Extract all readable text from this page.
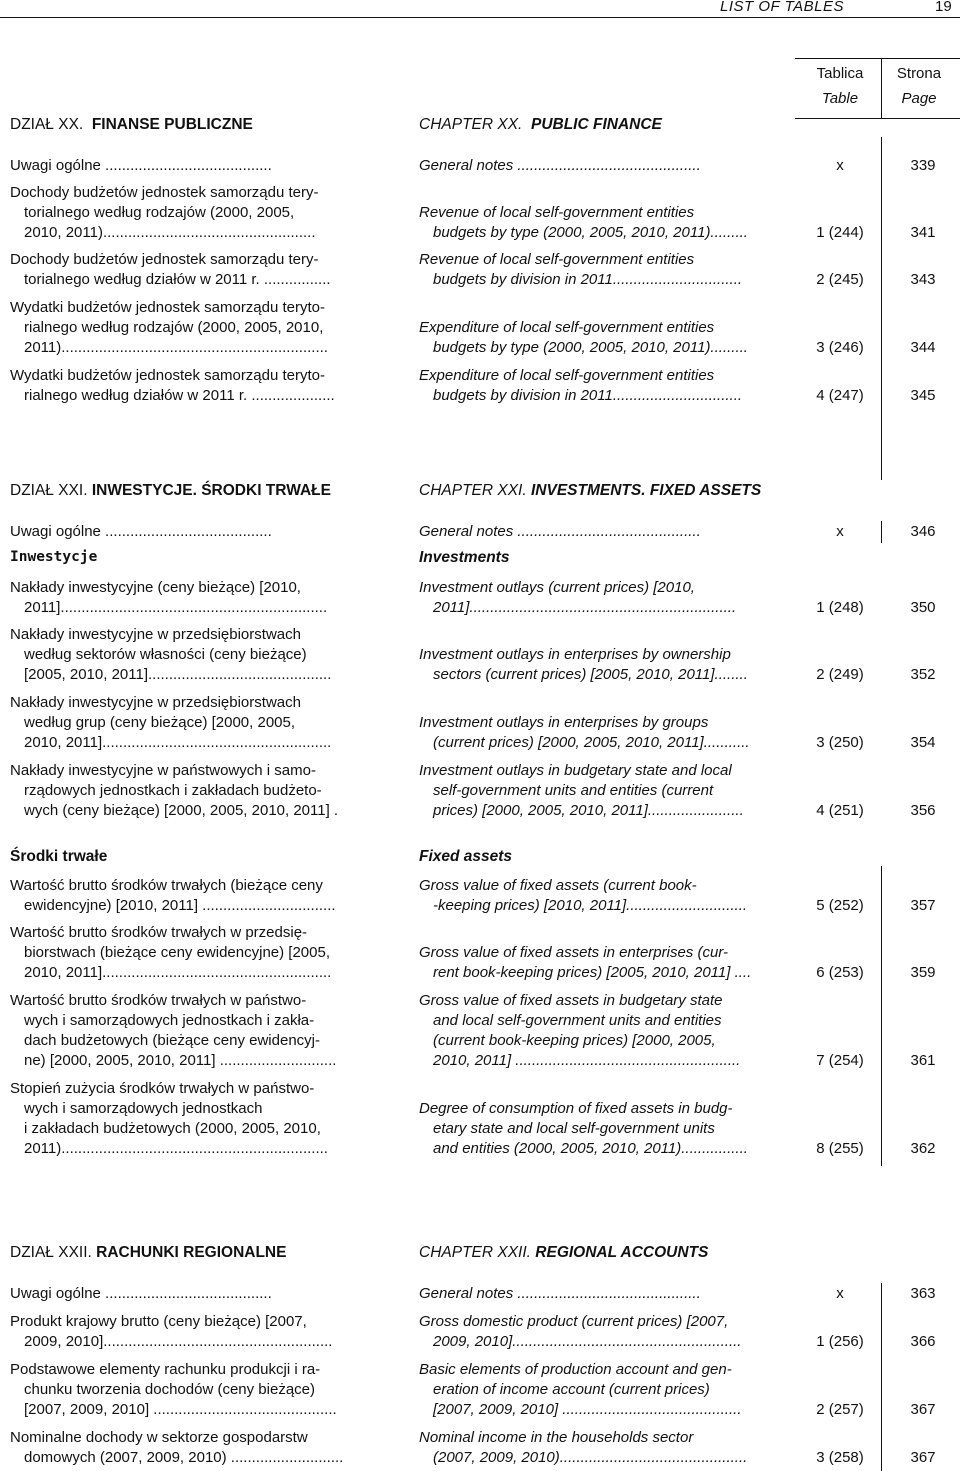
LIST OF TABLES	19
Tablica
Table
Strona
Page
DZIAŁ XX. FINANSE PUBLICZNE	CHAPTER XX. PUBLIC FINANCE
Uwagi ogólne ........................................	General notes ............................................	x	339
Dochody budżetów jednostek samorządu tery-
torialnego według rodzajów (2000, 2005,
2010, 2011)...................................................
Revenue of local self-government entities
budgets by type (2000, 2005, 2010, 2011).........	1 (244)	341
Dochody budżetów jednostek samorządu tery-
torialnego według działów w 2011 r. ................
Revenue of local self-government entities
budgets by division in 2011...............................	2 (245)	343
Wydatki budżetów jednostek samorządu teryto-
rialnego według rodzajów (2000, 2005, 2010,
2011)................................................................
Expenditure of local self-government entities
budgets by type (2000, 2005, 2010, 2011).........	3 (246)	344
Wydatki budżetów jednostek samorządu teryto-
rialnego według działów w 2011 r. ....................
Expenditure of local self-government entities
budgets by division in 2011...............................	4 (247)	345
DZIAŁ XXI. INWESTYCJE. ŚRODKI TRWAŁE	CHAPTER XXI. INVESTMENTS. FIXED ASSETS
Uwagi ogólne ........................................	General notes ............................................	x	346
Inwestycje	Investments
Nakłady inwestycyjne (ceny bieżące) [2010,
2011]................................................................
Investment outlays (current prices) [2010,
2011]................................................................	1 (248)	350
Nakłady inwestycyjne w przedsiębiorstwach
według sektorów własności (ceny bieżące)
[2005, 2010, 2011]............................................
Investment outlays in enterprises by ownership
sectors (current prices) [2005, 2010, 2011]........	2 (249)	352
Nakłady inwestycyjne w przedsiębiorstwach
według grup (ceny bieżące) [2000, 2005,
2010, 2011].......................................................
Investment outlays in enterprises by groups
(current prices) [2000, 2005, 2010, 2011]...........	3 (250)	354
Nakłady inwestycyjne w państwowych i samo-
rządowych jednostkach i zakładach budżeto-
wych (ceny bieżące) [2000, 2005, 2010, 2011] .
Investment outlays in budgetary state and local
self-government units and entities (current
prices) [2000, 2005, 2010, 2011].......................	4 (251)	356
Środki trwałe	Fixed assets
Wartość brutto środków trwałych (bieżące ceny
ewidencyjne) [2010, 2011] ................................
Gross value of fixed assets (current book-
-keeping prices) [2010, 2011].............................	5 (252)	357
Wartość brutto środków trwałych w przedsię-
biorstwach (bieżące ceny ewidencyjne) [2005,
2010, 2011].......................................................
Gross value of fixed assets in enterprises (cur-
rent book-keeping prices) [2005, 2010, 2011] ....	6 (253)	359
Wartość brutto środków trwałych w państwo-
wych i samorządowych jednostkach i zakła-
dach budżetowych (bieżące ceny ewidencyj-
ne) [2000, 2005, 2010, 2011] ............................
Gross value of fixed assets in budgetary state
and local self-government units and entities
(current book-keeping prices) [2000, 2005,
2010, 2011] ......................................................	7 (254)	361
Stopień zużycia środków trwałych w państwo-
wych i samorządowych jednostkach
i zakładach budżetowych (2000, 2005, 2010,
2011)................................................................
Degree of consumption of fixed assets in budg-
etary state and local self-government units
and entities (2000, 2005, 2010, 2011)................	8 (255)	362
DZIAŁ XXII. RACHUNKI REGIONALNE	CHAPTER XXII. REGIONAL ACCOUNTS
Uwagi ogólne ........................................	General notes ............................................	x	363
Produkt krajowy brutto (ceny bieżące) [2007,
2009, 2010].......................................................
Gross domestic product (current prices) [2007,
2009, 2010].......................................................	1 (256)	366
Podstawowe elementy rachunku produkcji i ra-
chunku tworzenia dochodów (ceny bieżące)
[2007, 2009, 2010] ............................................
Basic elements of production account and gen-
eration of income account (current prices)
[2007, 2009, 2010] ...........................................	2 (257)	367
Nominalne dochody w sektorze gospodarstw
domowych (2007, 2009, 2010) ...........................
Nominal income in the households sector
(2007, 2009, 2010).............................................	3 (258)	367
